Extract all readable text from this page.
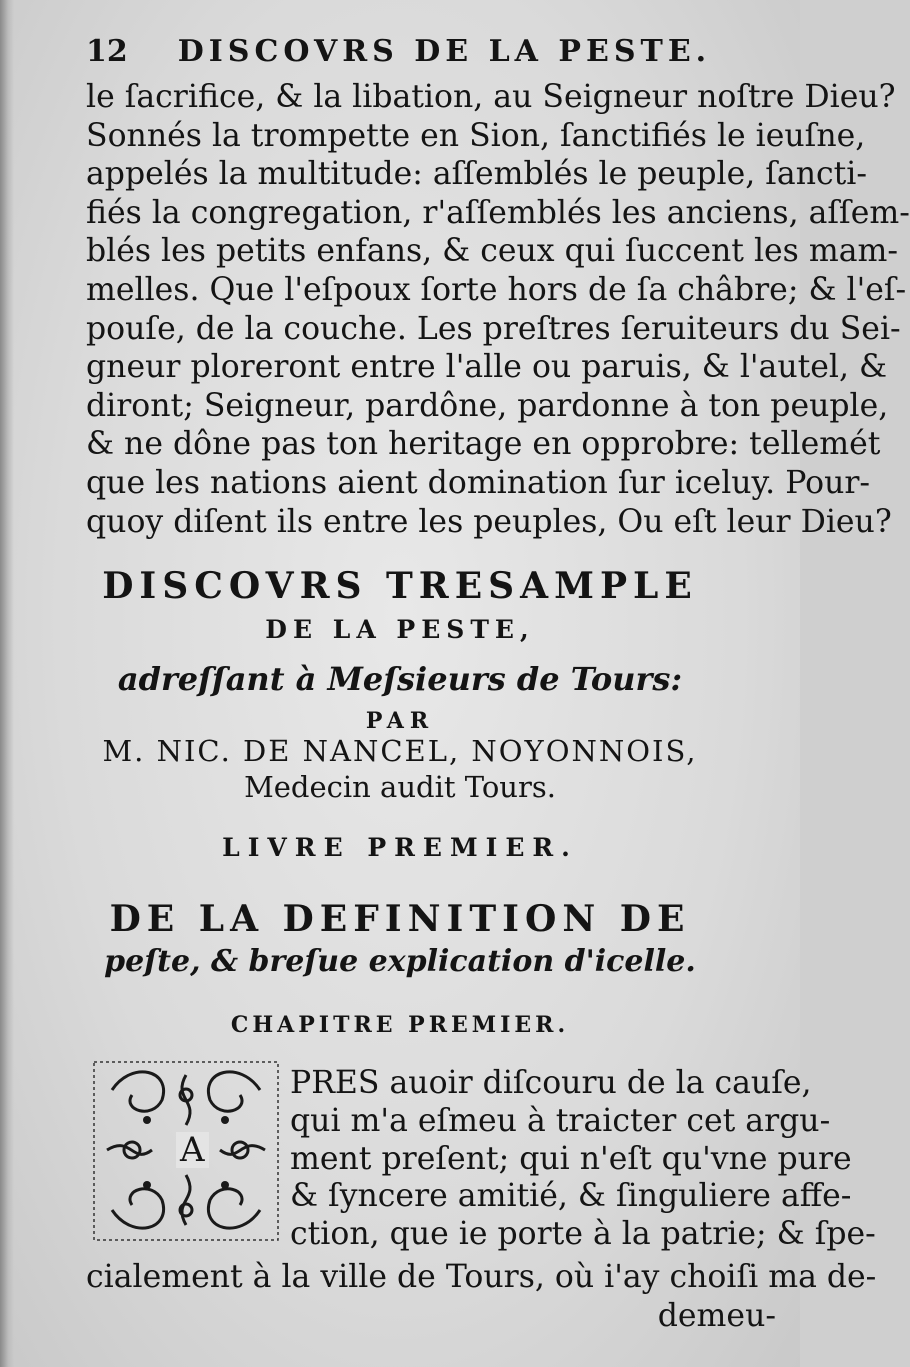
12 DISCOVRS DE LA PESTE.
le ſacrifice, & la libation, au Seigneur noſtre Dieu?
Sonnés la trompette en Sion, ſanctifiés le ieuſne,
appelés la multitude: aſſemblés le peuple, ſancti-
fiés la congregation, r'aſſemblés les anciens, aſſem-
blés les petits enfans, & ceux qui ſuccent les mam-
melles. Que l'eſpoux ſorte hors de ſa châbre; & l'eſ-
pouſe, de la couche. Les preſtres ſeruiteurs du Sei-
gneur ploreront entre l'alle ou paruis, & l'autel, &
diront; Seigneur, pardône, pardonne à ton peuple,
& ne dône pas ton heritage en opprobre: tellemét
que les nations aient domination ſur iceluy. Pour-
quoy diſent ils entre les peuples, Ou eſt leur Dieu?
DISCOVRS TRESAMPLE
DE LA PESTE,
adreſſant à Meſsieurs de Tours:
PAR
M. NIC. DE NANCEL, NOYONNOIS,
Medecin audit Tours.
LIVRE PREMIER.
DE LA DEFINITION DE
peſte, & breſue explication d'icelle.
CHAPITRE PREMIER.
A
PRES auoir diſcouru de la cauſe,
qui m'a eſmeu à traicter cet argu-
ment preſent; qui n'eſt qu'vne pure
& ſyncere amitié, & ſinguliere affe-
ction, que ie porte à la patrie; & ſpe-
cialement à la ville de Tours, où i'ay choiſi ma de-
demeu-
